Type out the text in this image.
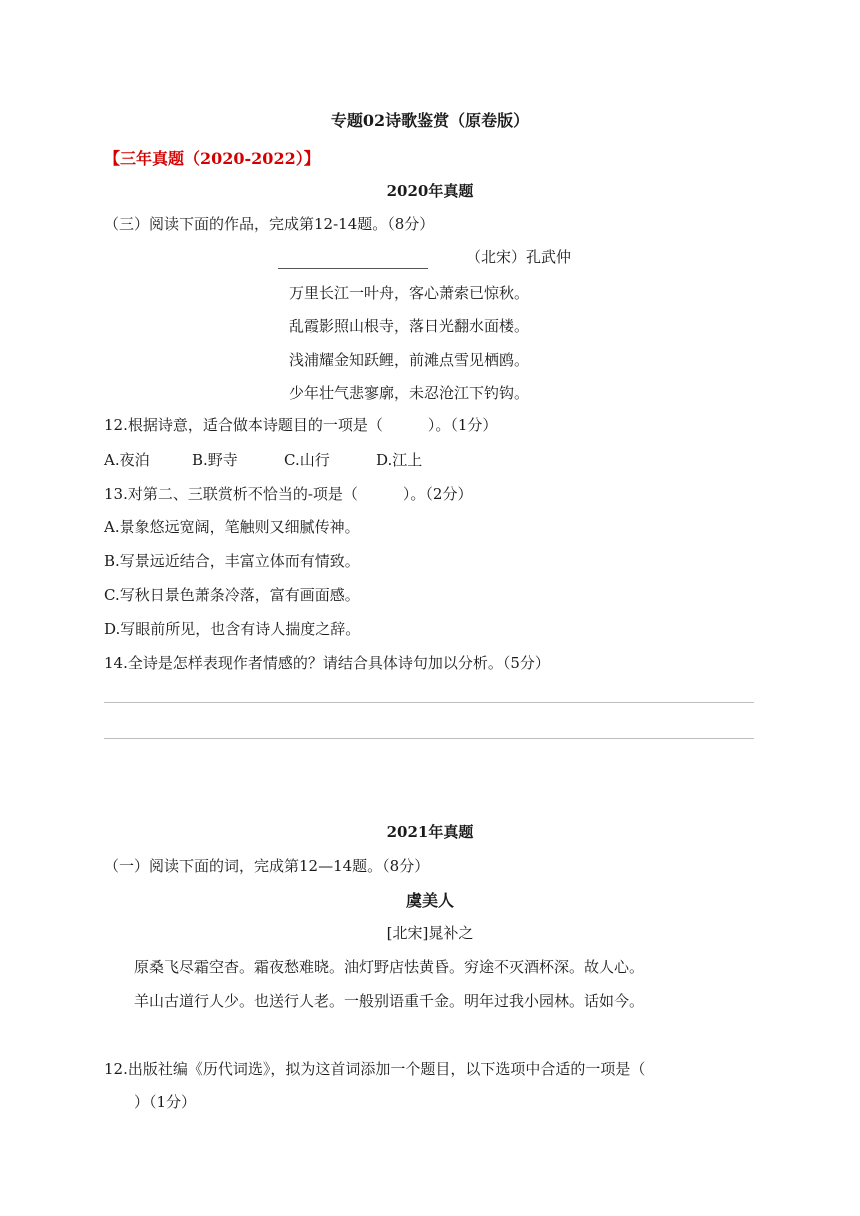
专题02诗歌鉴赏（原卷版）
【三年真题（2020-2022）】
2020年真题
（三）阅读下面的作品，完成第12-14题。（8分）
（北宋）孔武仲
万里长江一叶舟，客心萧索已惊秋。
乱霞影照山根寺，落日光翻水面楼。
浅浦耀金知跃鲤，前滩点雪见栖鸥。
少年壮气悲寥廓，未忍沧江下钓钩。
12.根据诗意，适合做本诗题目的一项是（　　　）。（1分）
A.夜泊	B.野寺	C.山行	D.江上
13.对第二、三联赏析不恰当的-项是（　　　）。（2分）
A.景象悠远宽阔，笔触则又细腻传神。
B.写景远近结合，丰富立体而有情致。
C.写秋日景色萧条冷落，富有画面感。
D.写眼前所见，也含有诗人揣度之辞。
14.全诗是怎样表现作者情感的？请结合具体诗句加以分析。（5分）
2021年真题
（一）阅读下面的词，完成第12—14题。（8分）
虞美人
[北宋]晁补之
原桑飞尽霜空杳。霜夜愁难晓。油灯野店怯黄昏。穷途不灭酒杯深。故人心。
羊山古道行人少。也送行人老。一般别语重千金。明年过我小园林。话如今。
12.出版社编《历代词选》，拟为这首词添加一个题目，以下选项中合适的一项是（
）（1分）
